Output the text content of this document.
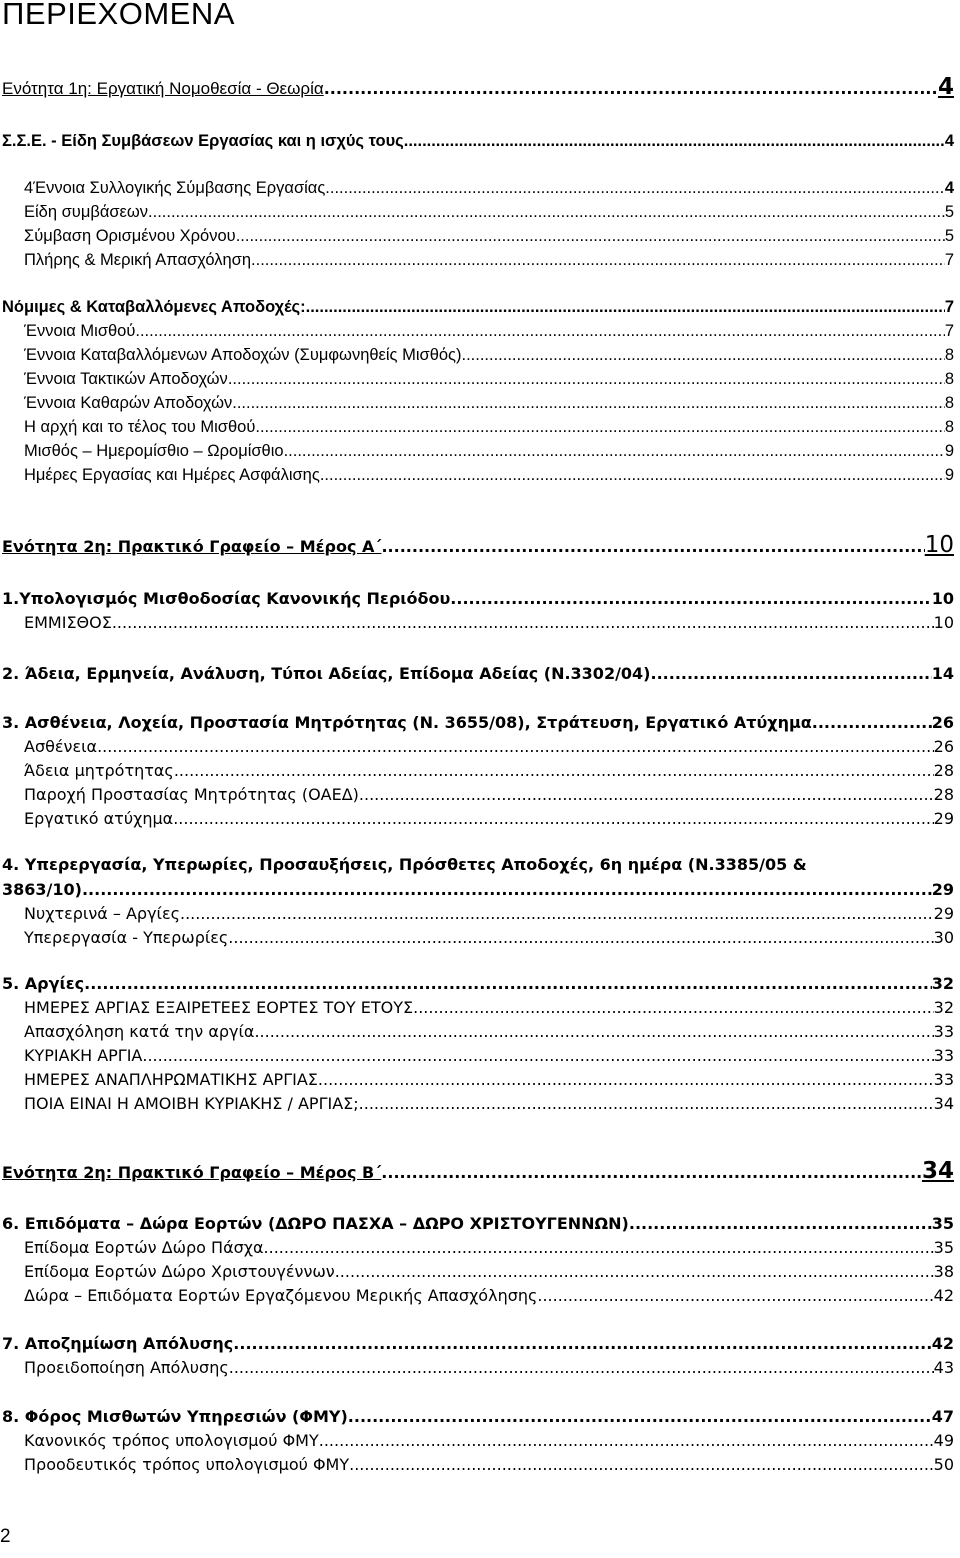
ΠΕΡΙΕΧΟΜΕΝΑ
Ενότητα 1η: Εργατική Νομοθεσία - Θεωρία .....	4
Σ.Σ.Ε. - Είδη Συμβάσεων Εργασίας και η ισχύς τους .....	4
4Έννοια Συλλογικής Σύμβασης Εργασίας .....	4
Είδη συμβάσεων .....	5
Σύμβαση Ορισμένου Χρόνου .....	5
Πλήρης & Μερική Απασχόληση .....	7
Νόμιμες & Καταβαλλόμενες Αποδοχές: .....	7
Έννοια Μισθού .....	7
Έννοια Καταβαλλόμενων Αποδοχών (Συμφωνηθείς Μισθός) .....	8
Έννοια Τακτικών Αποδοχών .....	8
Έννοια Καθαρών Αποδοχών .....	8
Η αρχή και το τέλος του Μισθού .....	8
Μισθός – Ημερομίσθιο – Ωρομίσθιο .....	9
Ημέρες Εργασίας και Ημέρες Ασφάλισης .....	9
Ενότητα 2η: Πρακτικό Γραφείο – Μέρος Α΄ .....	10
1.Υπολογισμός Μισθοδοσίας Κανονικής Περιόδου .....	10
ΕΜΜΙΣΘΟΣ .....	10
2. Άδεια, Ερμηνεία, Ανάλυση, Τύποι Αδείας, Επίδομα Αδείας (Ν.3302/04) .....	14
3. Ασθένεια, Λοχεία, Προστασία Μητρότητας (Ν. 3655/08), Στράτευση, Εργατικό Ατύχημα .....	26
Ασθένεια .....	26
Άδεια μητρότητας .....	28
Παροχή Προστασίας Μητρότητας (ΟΑΕΔ) .....	28
Εργατικό ατύχημα .....	29
4. Υπερεργασία, Υπερωρίες, Προσαυξήσεις, Πρόσθετες Αποδοχές, 6η ημέρα (Ν.3385/05 &
3863/10) .....	29
Νυχτερινά – Αργίες .....	29
Υπερεργασία - Υπερωρίες .....	30
5. Αργίες .....	32
ΗΜΕΡΕΣ ΑΡΓΙΑΣ ΕΞΑΙΡΕΤΕΕΣ ΕΟΡΤΕΣ ΤΟΥ ΕΤΟΥΣ .....	32
Απασχόληση κατά την αργία .....	33
ΚΥΡΙΑΚΗ ΑΡΓΙΑ .....	33
ΗΜΕΡΕΣ ΑΝΑΠΛΗΡΩΜΑΤΙΚΗΣ ΑΡΓΙΑΣ .....	33
ΠΟΙΑ ΕΙΝΑΙ Η ΑΜΟΙΒΗ ΚΥΡΙΑΚΗΣ / ΑΡΓΙΑΣ; .....	34
Ενότητα 2η: Πρακτικό Γραφείο – Μέρος Β΄ .....	34
6. Επιδόματα – Δώρα Εορτών (ΔΩΡΟ ΠΑΣΧΑ – ΔΩΡΟ ΧΡΙΣΤΟΥΓΕΝΝΩΝ) .....	35
Επίδομα Εορτών Δώρο Πάσχα .....	35
Επίδομα Εορτών Δώρο Χριστουγέννων .....	38
Δώρα – Επιδόματα Εορτών Εργαζόμενου Μερικής Απασχόλησης .....	42
7. Αποζημίωση Απόλυσης .....	42
Προειδοποίηση Απόλυσης .....	43
8. Φόρος Μισθωτών Υπηρεσιών (ΦΜΥ) .....	47
Κανονικός τρόπος υπολογισμού ΦΜΥ .....	49
Προοδευτικός τρόπος υπολογισμού ΦΜΥ .....	50
2
